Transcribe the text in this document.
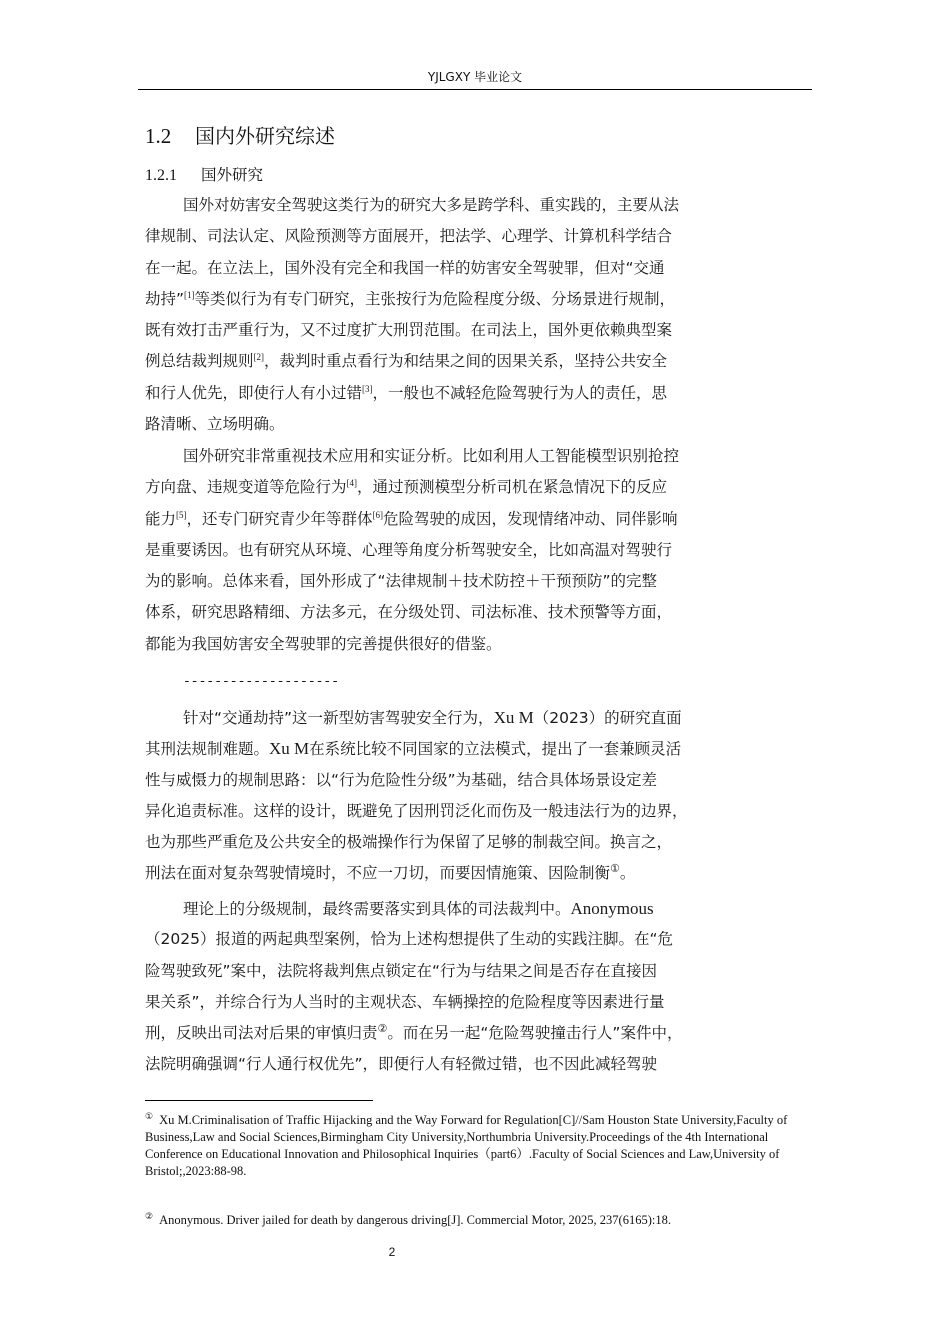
YJLGXY 毕业论文
1.2 国内外研究综述
1.2.1 国外研究
国外对妨害安全驾驶这类行为的研究大多是跨学科、重实践的，主要从法
律规制、司法认定、风险预测等方面展开，把法学、心理学、计算机科学结合
在一起。在立法上，国外没有完全和我国一样的妨害安全驾驶罪，但对“交通
劫持”[1]等类似行为有专门研究，主张按行为危险程度分级、分场景进行规制，
既有效打击严重行为，又不过度扩大刑罚范围。在司法上，国外更依赖典型案
例总结裁判规则[2]，裁判时重点看行为和结果之间的因果关系，坚持公共安全
和行人优先，即使行人有小过错[3]，一般也不减轻危险驾驶行为人的责任，思
路清晰、立场明确。
国外研究非常重视技术应用和实证分析。比如利用人工智能模型识别抢控
方向盘、违规变道等危险行为[4]，通过预测模型分析司机在紧急情况下的反应
能力[5]，还专门研究青少年等群体[6]危险驾驶的成因，发现情绪冲动、同伴影响
是重要诱因。也有研究从环境、心理等角度分析驾驶安全，比如高温对驾驶行
为的影响。总体来看，国外形成了“法律规制＋技术防控＋干预预防”的完整
体系，研究思路精细、方法多元，在分级处罚、司法标准、技术预警等方面，
都能为我国妨害安全驾驶罪的完善提供很好的借鉴。
--------------------
针对“交通劫持”这一新型妨害驾驶安全行为，Xu M（2023）的研究直面
其刑法规制难题。Xu M在系统比较不同国家的立法模式，提出了一套兼顾灵活
性与威慑力的规制思路：以“行为危险性分级”为基础，结合具体场景设定差
异化追责标准。这样的设计，既避免了因刑罚泛化而伤及一般违法行为的边界，
也为那些严重危及公共安全的极端操作行为保留了足够的制裁空间。换言之，
刑法在面对复杂驾驶情境时，不应一刀切，而要因情施策、因险制衡①。
理论上的分级规制，最终需要落实到具体的司法裁判中。Anonymous
（2025）报道的两起典型案例，恰为上述构想提供了生动的实践注脚。在“危
险驾驶致死”案中，法院将裁判焦点锁定在“行为与结果之间是否存在直接因
果关系”，并综合行为人当时的主观状态、车辆操控的危险程度等因素进行量
刑，反映出司法对后果的审慎归责②。而在另一起“危险驾驶撞击行人”案件中，
法院明确强调“行人通行权优先”，即便行人有轻微过错，也不因此减轻驾驶
① Xu M.Criminalisation of Traffic Hijacking and the Way Forward for Regulation[C]//Sam Houston State University,Faculty of Business,Law and Social Sciences,Birmingham City University,Northumbria University.Proceedings of the 4th International Conference on Educational Innovation and Philosophical Inquiries（part6）.Faculty of Social Sciences and Law,University of Bristol;,2023:88-98.
② Anonymous. Driver jailed for death by dangerous driving[J]. Commercial Motor, 2025, 237(6165):18.
2
